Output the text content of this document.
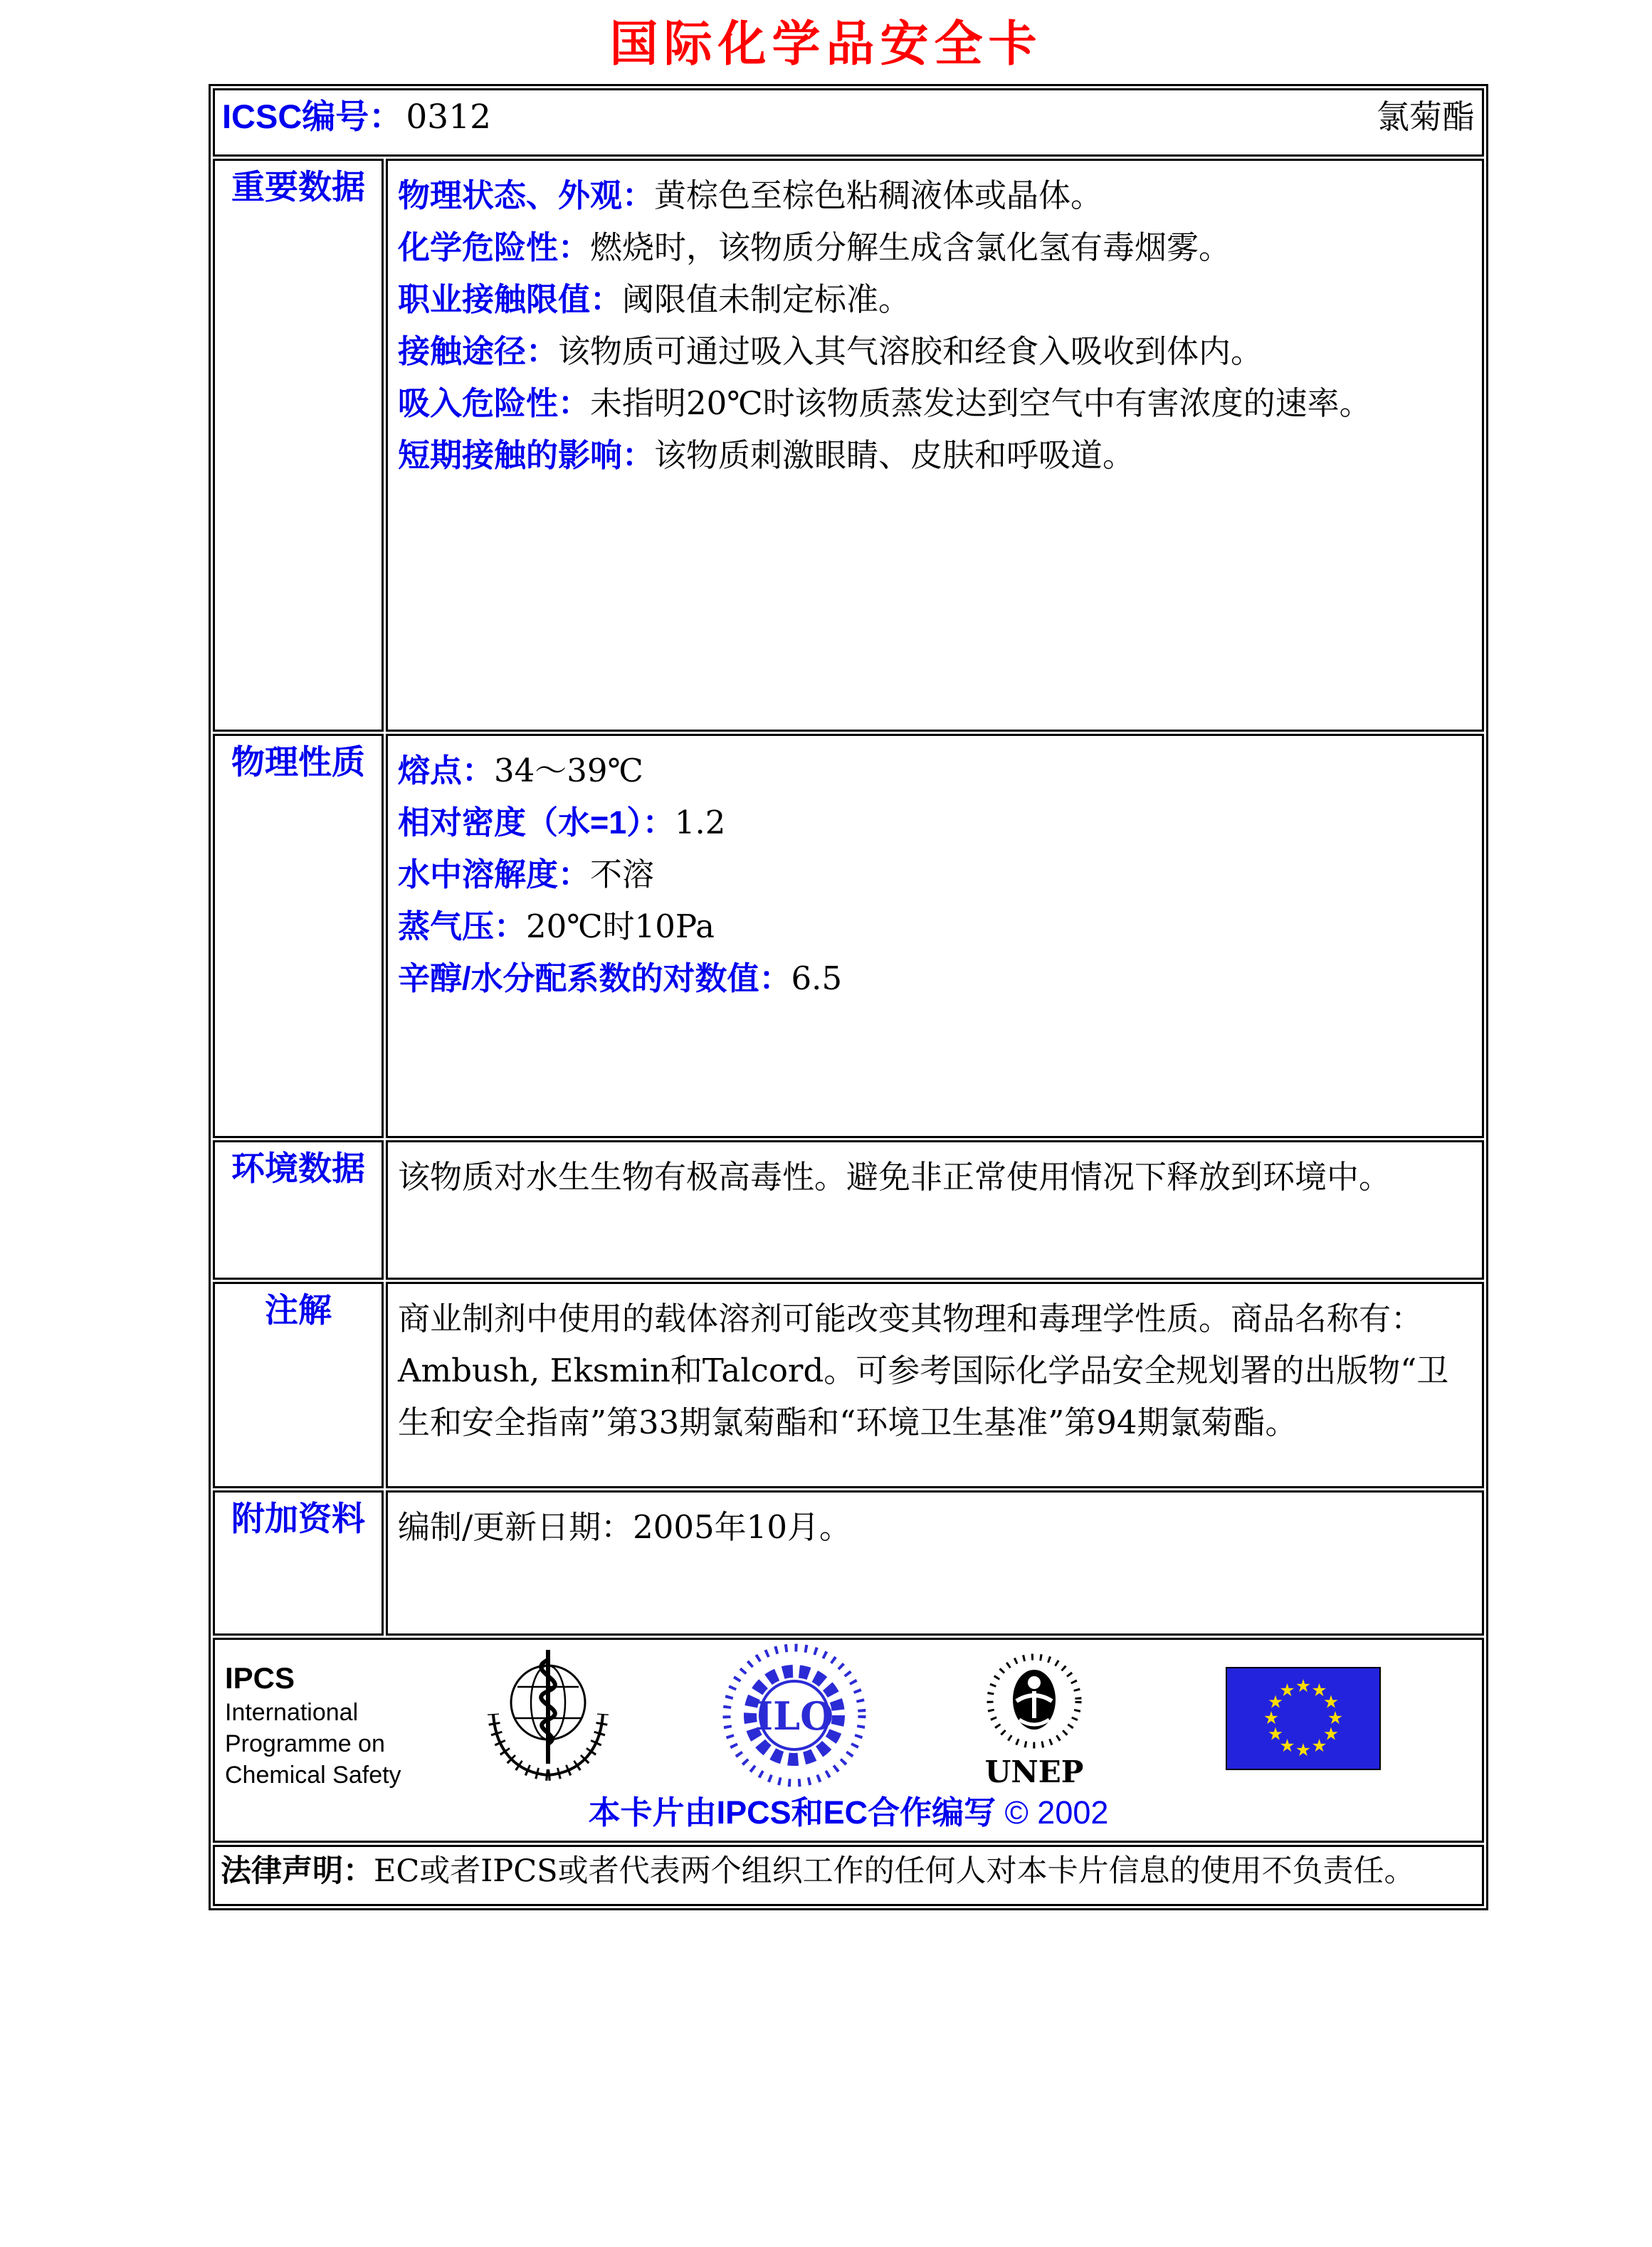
国际化学品安全卡
ICSC编号： 0312 氯菊酯	

重要数据	物理状态、外观：黄棕色至棕色粘稠液体或晶体。
化学危险性：燃烧时，该物质分解生成含氯化氢有毒烟雾。
职业接触限值：阈限值未制定标准。
接触途径：该物质可通过吸入其气溶胶和经食入吸收到体内。
吸入危险性：未指明20℃时该物质蒸发达到空气中有害浓度的速率。
短期接触的影响：该物质刺激眼睛、皮肤和呼吸道。

物理性质	熔点：34～39℃
相对密度（水=1）：1.2
水中溶解度：不溶
蒸气压：20℃时10Pa
辛醇/水分配系数的对数值：6.5

环境数据	该物质对水生生物有极高毒性。避免非正常使用情况下释放到环境中。
注解	商业制剂中使用的载体溶剂可能改变其物理和毒理学性质。商品名称有：Ambush, Eksmin和Talcord。可参考国际化学品安全规划署的出版物“卫生和安全指南”第33期氯菊酯和“环境卫生基准”第94期氯菊酯。
附加资料	编制/更新日期：2005年10月。

IPCS
International
Programme on
Chemical Safety
ILO
UNEP
本卡片由IPCS和EC合作编写 © 2002

法律声明：EC或者IPCS或者代表两个组织工作的任何人对本卡片信息的使用不负责任。	
